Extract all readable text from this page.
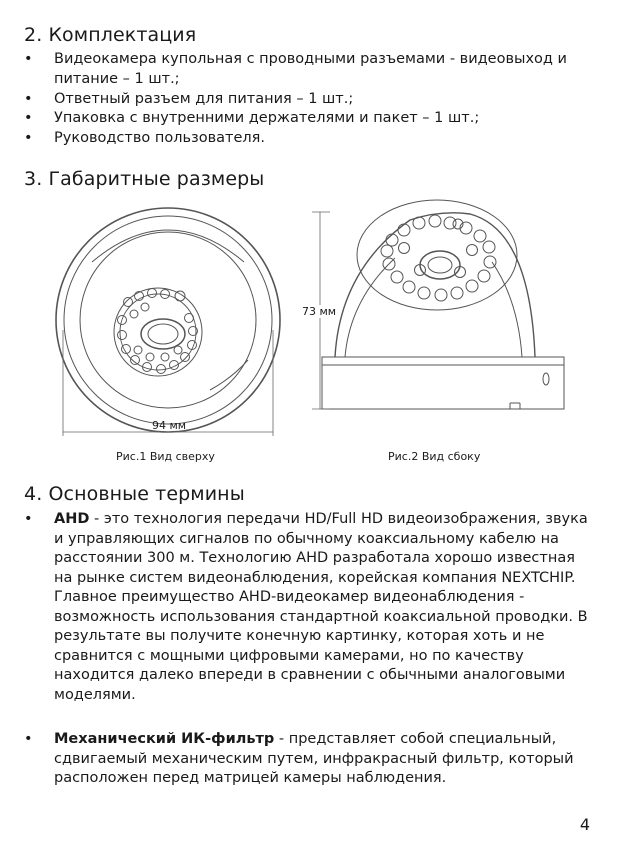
2. Комплектация
• Видеокамера купольная с проводными разъемами - видеовыход и питание – 1 шт.;
• Ответный разъем для питания – 1 шт.;
• Упаковка с внутренними держателями и пакет – 1 шт.;
• Руководство пользователя.
3. Габаритные размеры
94 мм
73 мм
Рис.1 Вид сверху	Рис.2 Вид сбоку
4. Основные термины
• AHD - это технология передачи HD/Full HD видеоизображения, звука и управляющих сигналов по обычному коаксиальному кабелю на расстоянии 300 м. Технологию AHD разработала хорошо известная на рынке систем видеонаблюдения, корейская компания NEXTCHIP. Главное преимущество AHD-видеокамер видеонаблюдения - возможность использования стандартной коаксиальной проводки. В результате вы получите конечную картинку, которая хоть и не сравнится с мощными цифровыми камерами, но по качеству находится далеко впереди в сравнении с обычными аналоговыми моделями.
• Механический ИК-фильтр - представляет собой специальный, сдвигаемый механическим путем, инфракрасный фильтр, который расположен перед матрицей камеры наблюдения.
4
